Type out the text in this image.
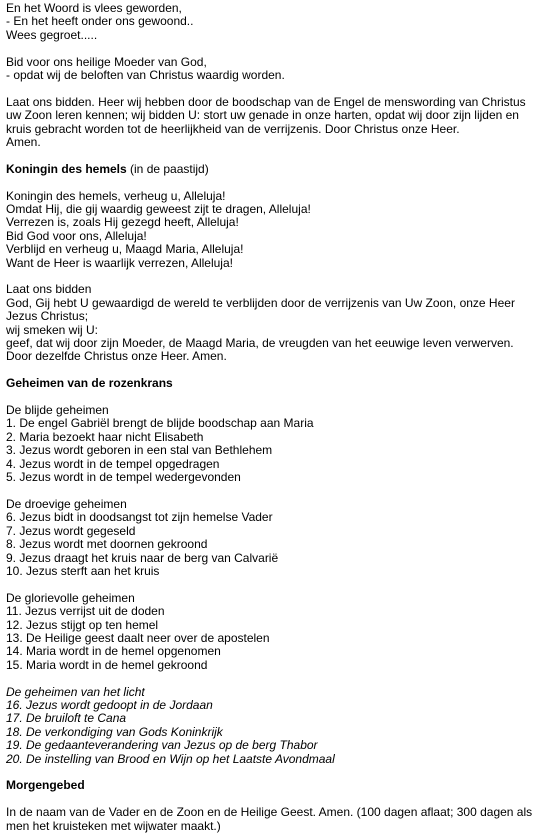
En het Woord is vlees geworden,
- En het heeft onder ons gewoond..
Wees gegroet.....
Bid voor ons heilige Moeder van God,
- opdat wij de beloften van Christus waardig worden.
Laat ons bidden. Heer wij hebben door de boodschap van de Engel de menswording van Christus uw Zoon leren kennen; wij bidden U: stort uw genade in onze harten, opdat wij door zijn lijden en kruis gebracht worden tot de heerlijkheid van de verrijzenis. Door Christus onze Heer.
Amen.
Koningin des hemels (in de paastijd)
Koningin des hemels, verheug u, Alleluja!
Omdat Hij, die gij waardig geweest zijt te dragen, Alleluja!
Verrezen is, zoals Hij gezegd heeft, Alleluja!
Bid God voor ons, Alleluja!
Verblijd en verheug u, Maagd Maria, Alleluja!
Want de Heer is waarlijk verrezen, Alleluja!
Laat ons bidden
God, Gij hebt U gewaardigd de wereld te verblijden door de verrijzenis van Uw Zoon, onze Heer Jezus Christus;
wij smeken wij U:
geef, dat wij door zijn Moeder, de Maagd Maria, de vreugden van het eeuwige leven verwerven.
Door dezelfde Christus onze Heer. Amen.
Geheimen van de rozenkrans
De blijde geheimen
1. De engel Gabriël brengt de blijde boodschap aan Maria
2. Maria bezoekt haar nicht Elisabeth
3. Jezus wordt geboren in een stal van Bethlehem
4. Jezus wordt in de tempel opgedragen
5. Jezus wordt in de tempel wedergevonden
De droevige geheimen
6. Jezus bidt in doodsangst tot zijn hemelse Vader
7. Jezus wordt gegeseld
8. Jezus wordt met doornen gekroond
9. Jezus draagt het kruis naar de berg van Calvarië
10. Jezus sterft aan het kruis
De glorievolle geheimen
11. Jezus verrijst uit de doden
12. Jezus stijgt op ten hemel
13. De Heilige geest daalt neer over de apostelen
14. Maria wordt in de hemel opgenomen
15. Maria wordt in de hemel gekroond
De geheimen van het licht
16. Jezus wordt gedoopt in de Jordaan
17. De bruiloft te Cana
18. De verkondiging van Gods Koninkrijk
19. De gedaanteverandering van Jezus op de berg Thabor
20. De instelling van Brood en Wijn op het Laatste Avondmaal
Morgengebed
In de naam van de Vader en de Zoon en de Heilige Geest. Amen. (100 dagen aflaat; 300 dagen als men het kruisteken met wijwater maakt.)
